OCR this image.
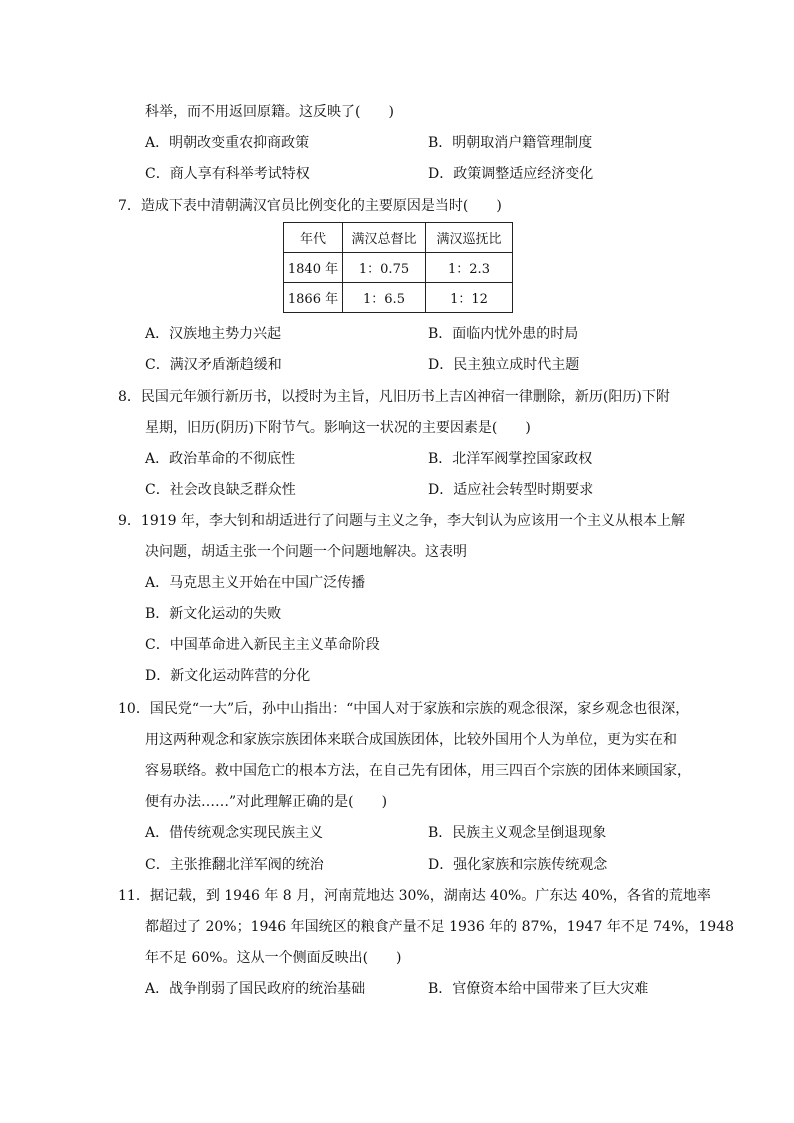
科举，而不用返回原籍。这反映了(　　)
A．明朝改变重农抑商政策	B．明朝取消户籍管理制度
C．商人享有科举考试特权	D．政策调整适应经济变化
7．造成下表中清朝满汉官员比例变化的主要原因是当时(　　)
年代	满汉总督比	满汉巡抚比
1840 年	1：0.75	1：2.3
1866 年	1：6.5	1：12
A．汉族地主势力兴起	B．面临内忧外患的时局
C．满汉矛盾渐趋缓和	D．民主独立成时代主题
8．民国元年颁行新历书，以授时为主旨，凡旧历书上吉凶神宿一律删除，新历(阳历)下附
星期，旧历(阴历)下附节气。影响这一状况的主要因素是(　　)
A．政治革命的不彻底性	B．北洋军阀掌控国家政权
C．社会改良缺乏群众性	D．适应社会转型时期要求
9．1919 年，李大钊和胡适进行了问题与主义之争，李大钊认为应该用一个主义从根本上解
决问题，胡适主张一个问题一个问题地解决。这表明
A．马克思主义开始在中国广泛传播
B．新文化运动的失败
C．中国革命进入新民主主义革命阶段
D．新文化运动阵营的分化
10．国民党“一大”后，孙中山指出：“中国人对于家族和宗族的观念很深，家乡观念也很深，
用这两种观念和家族宗族团体来联合成国族团体，比较外国用个人为单位，更为实在和
容易联络。救中国危亡的根本方法，在自己先有团体，用三四百个宗族的团体来顾国家，
便有办法……”对此理解正确的是(　　)
A．借传统观念实现民族主义	B．民族主义观念呈倒退现象
C．主张推翻北洋军阀的统治	D．强化家族和宗族传统观念
11．据记载，到 1946 年 8 月，河南荒地达 30%，湖南达 40%。广东达 40%，各省的荒地率
都超过了 20%；1946 年国统区的粮食产量不足 1936 年的 87%，1947 年不足 74%，1948
年不足 60%。这从一个侧面反映出(　　)
A．战争削弱了国民政府的统治基础	B．官僚资本给中国带来了巨大灾难
